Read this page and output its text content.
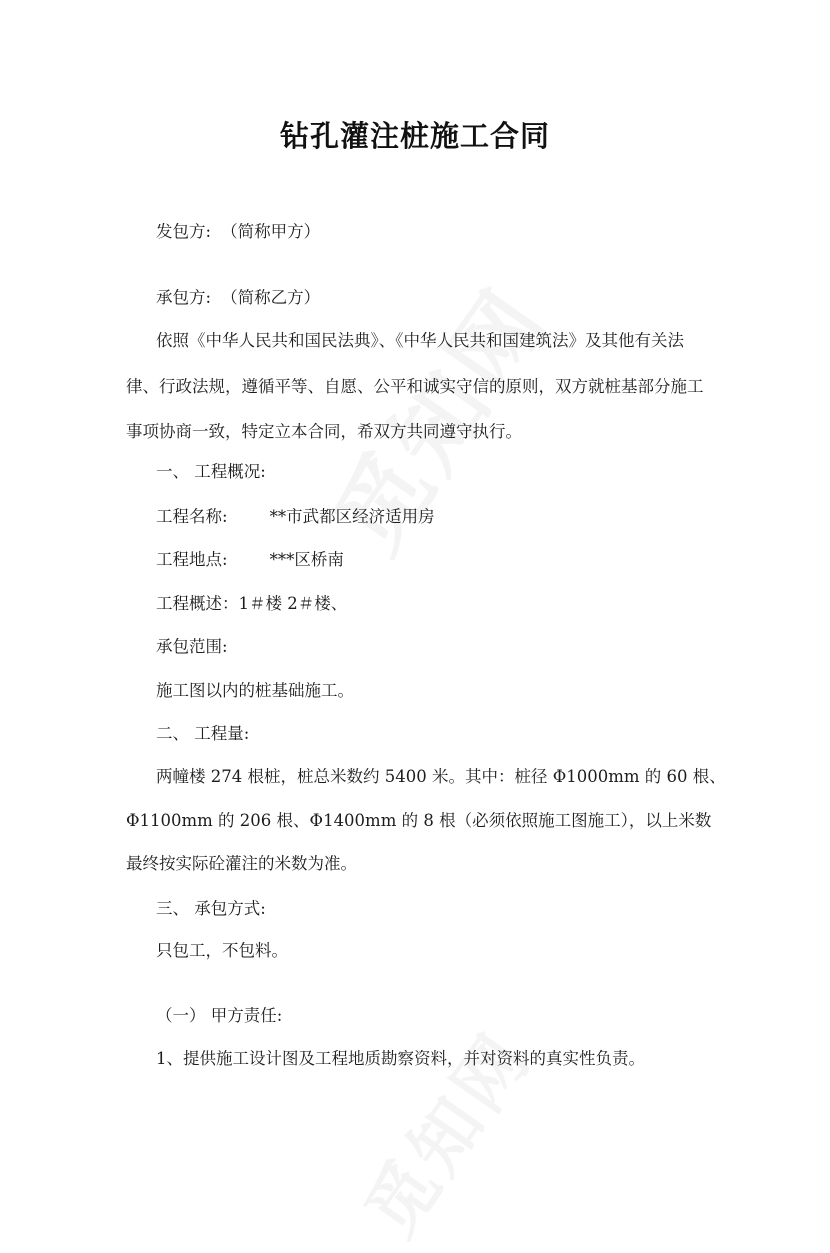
钻孔灌注桩施工合同
发包方: （简称甲方）
承包方: （简称乙方）
依照《中华人民共和国民法典》、《中华人民共和国建筑法》及其他有关法
律、行政法规，遵循平等、自愿、公平和诚实守信的原则，双方就桩基部分施工
事项协商一致，特定立本合同，希双方共同遵守执行。
一、 工程概况:
工程名称:	**市武都区经济适用房
工程地点:	***区桥南
工程概述：1＃楼 2＃楼、
承包范围:
施工图以内的桩基础施工。
二、 工程量:
两幢楼 274 根桩，桩总米数约 5400 米。其中：桩径 Φ1000mm 的 60 根、
Φ1100mm 的 206 根、Φ1400mm 的 8 根（必须依照施工图施工），以上米数
最终按实际砼灌注的米数为准。
三、 承包方式:
只包工，不包料。
（一） 甲方责任:
1、提供施工设计图及工程地质勘察资料，并对资料的真实性负责。
